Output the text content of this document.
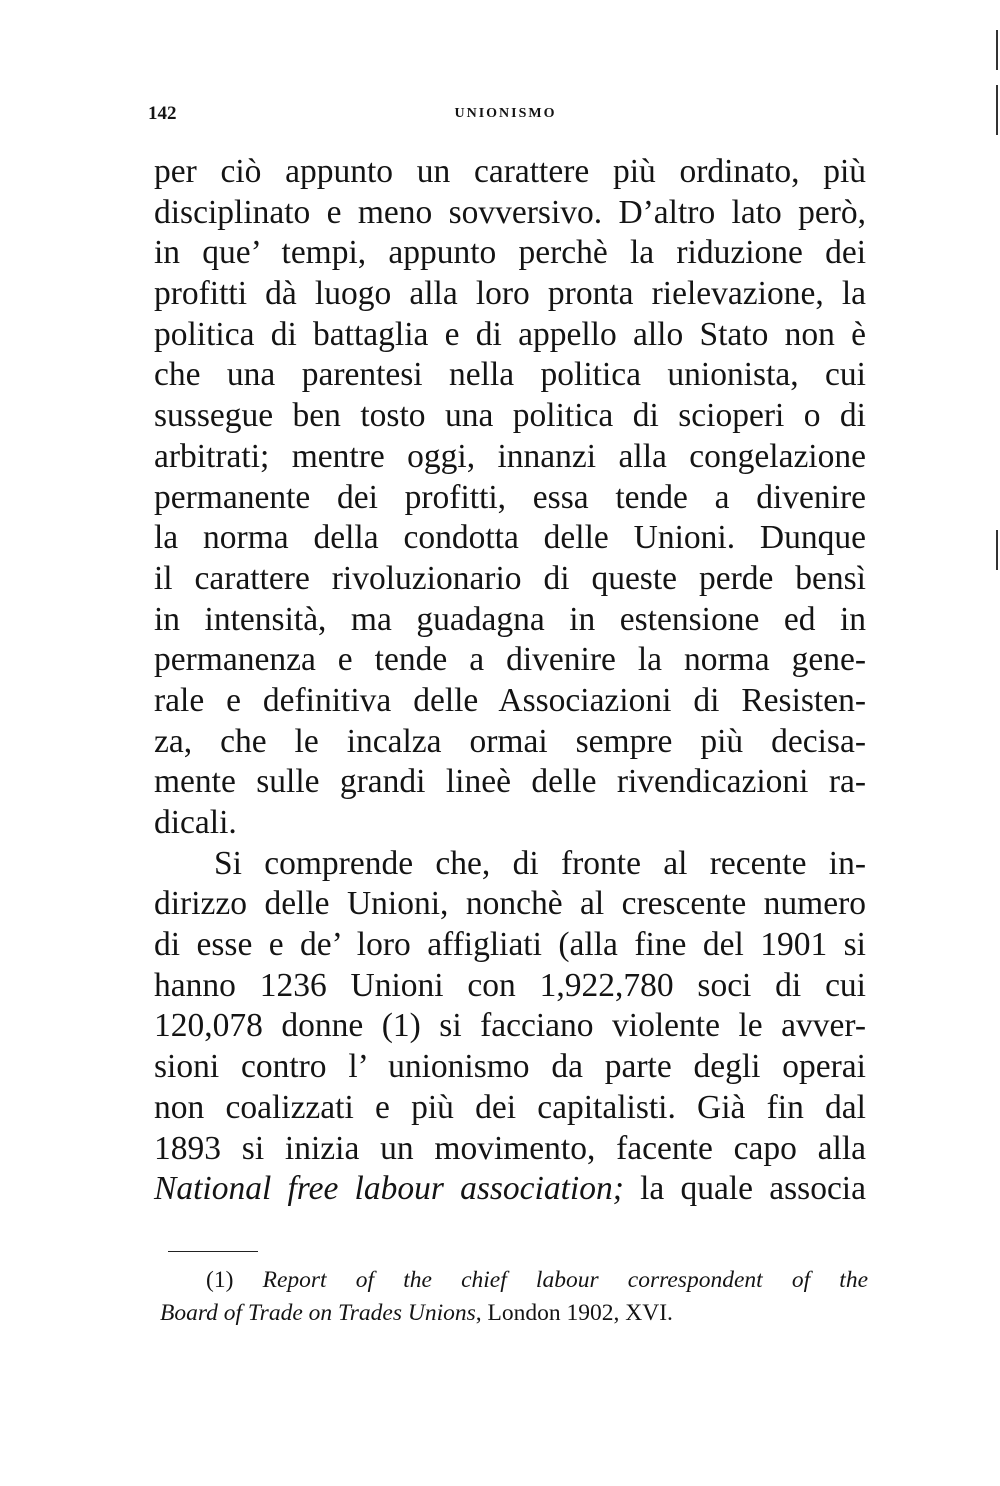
142	UNIONISMO
per ciò appunto un carattere più ordinato, più
disciplinato e meno sovversivo. D’altro lato però,
in que’ tempi, appunto perchè la riduzione dei
profitti dà luogo alla loro pronta rielevazione, la
politica di battaglia e di appello allo Stato non è
che una parentesi nella politica unionista, cui
sussegue ben tosto una politica di scioperi o di
arbitrati; mentre oggi, innanzi alla congelazione
permanente dei profitti, essa tende a divenire
la norma della condotta delle Unioni. Dunque
il carattere rivoluzionario di queste perde bensì
in intensità, ma guadagna in estensione ed in
permanenza e tende a divenire la norma gene-
rale e definitiva delle Associazioni di Resisten-
za, che le incalza ormai sempre più decisa-
mente sulle grandi lineè delle rivendicazioni ra-
dicali.
Si comprende che, di fronte al recente in-
dirizzo delle Unioni, nonchè al crescente numero
di esse e de’ loro affigliati (alla fine del 1901 si
hanno 1236 Unioni con 1,922,780 soci di cui
120,078 donne (1) si facciano violente le avver-
sioni contro l’ unionismo da parte degli operai
non coalizzati e più dei capitalisti. Già fin dal
1893 si inizia un movimento, facente capo alla
National free labour association; la quale associa
(1) Report of the chief labour correspondent of the
Board of Trade on Trades Unions, London 1902, XVI.
